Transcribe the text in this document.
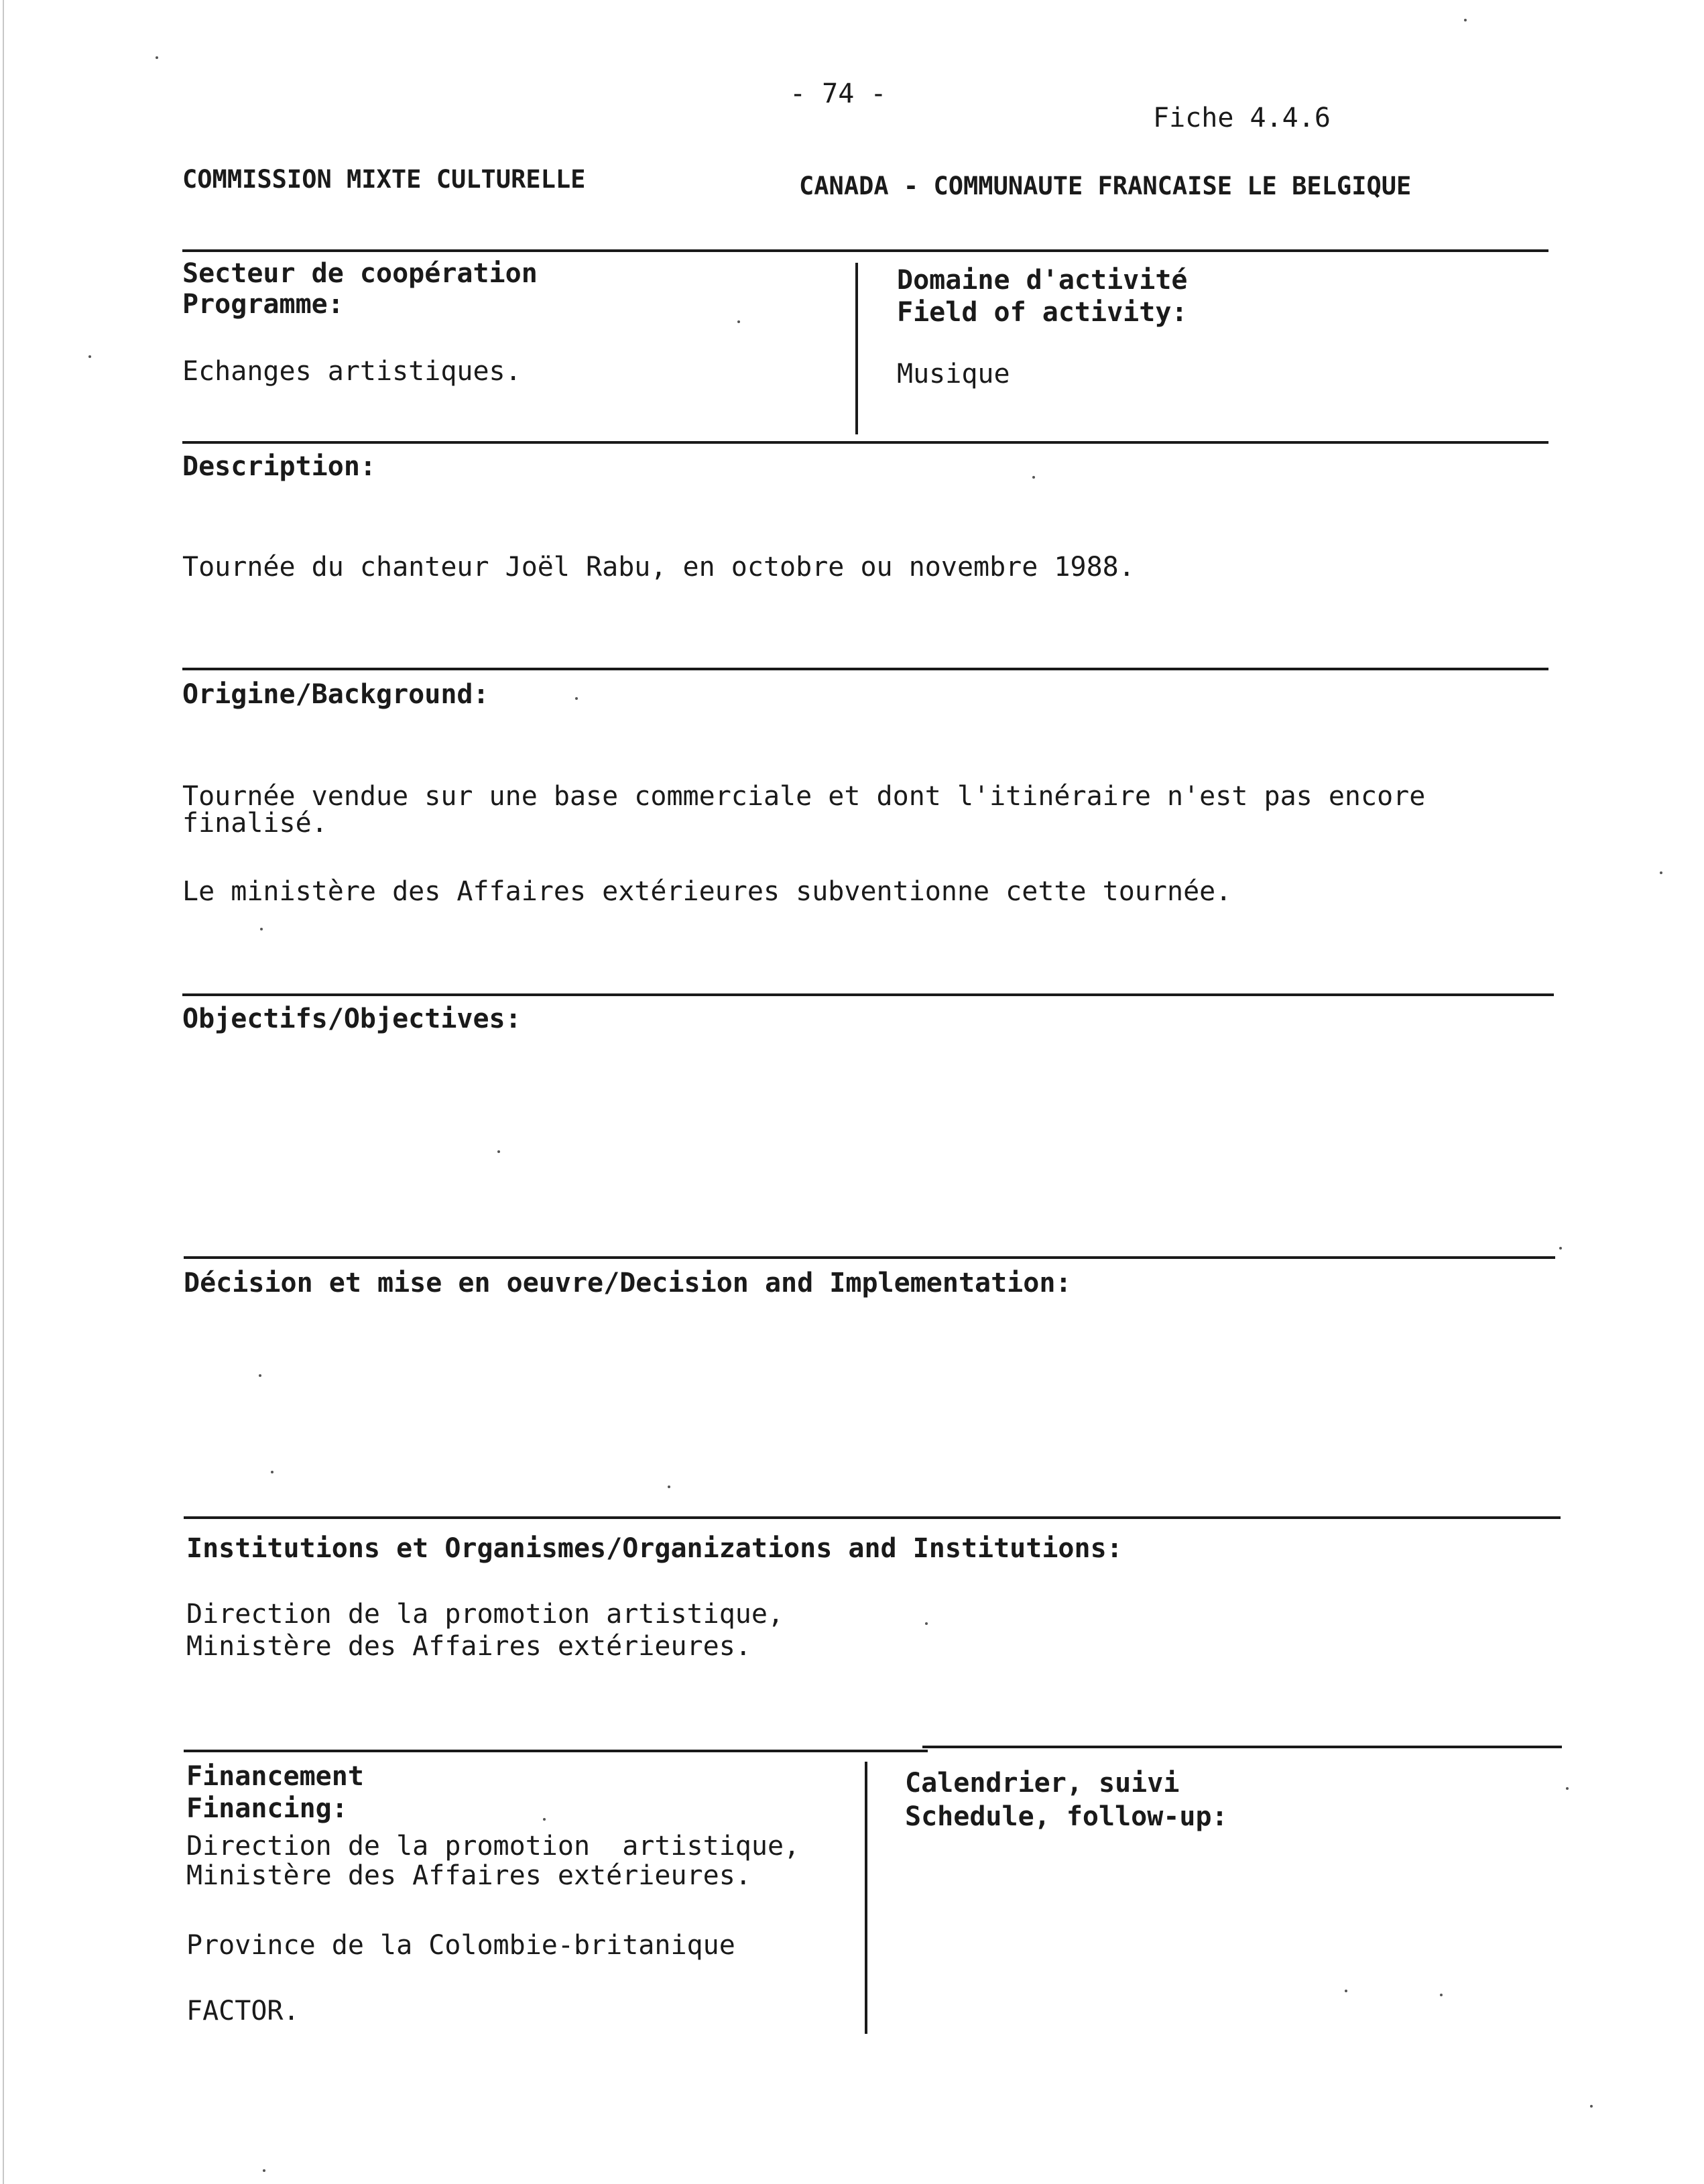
- 74 -
Fiche 4.4.6
COMMISSION MIXTE CULTURELLE	CANADA - COMMUNAUTE FRANCAISE LE BELGIQUE
Secteur de coopération
Programme:
Echanges artistiques.
Domaine d'activité
Field of activity:
Musique
Description:
Tournée du chanteur Joël Rabu, en octobre ou novembre 1988.
Origine/Background:
Tournée vendue sur une base commerciale et dont l'itinéraire n'est pas encore
finalisé.
Le ministère des Affaires extérieures subventionne cette tournée.
Objectifs/Objectives:
Décision et mise en oeuvre/Decision and Implementation:
Institutions et Organismes/Organizations and Institutions:
Direction de la promotion artistique,
Ministère des Affaires extérieures.
Financement
Financing:
Direction de la promotion  artistique,
Ministère des Affaires extérieures.
Province de la Colombie-britanique
FACTOR.
Calendrier, suivi
Schedule, follow-up:
